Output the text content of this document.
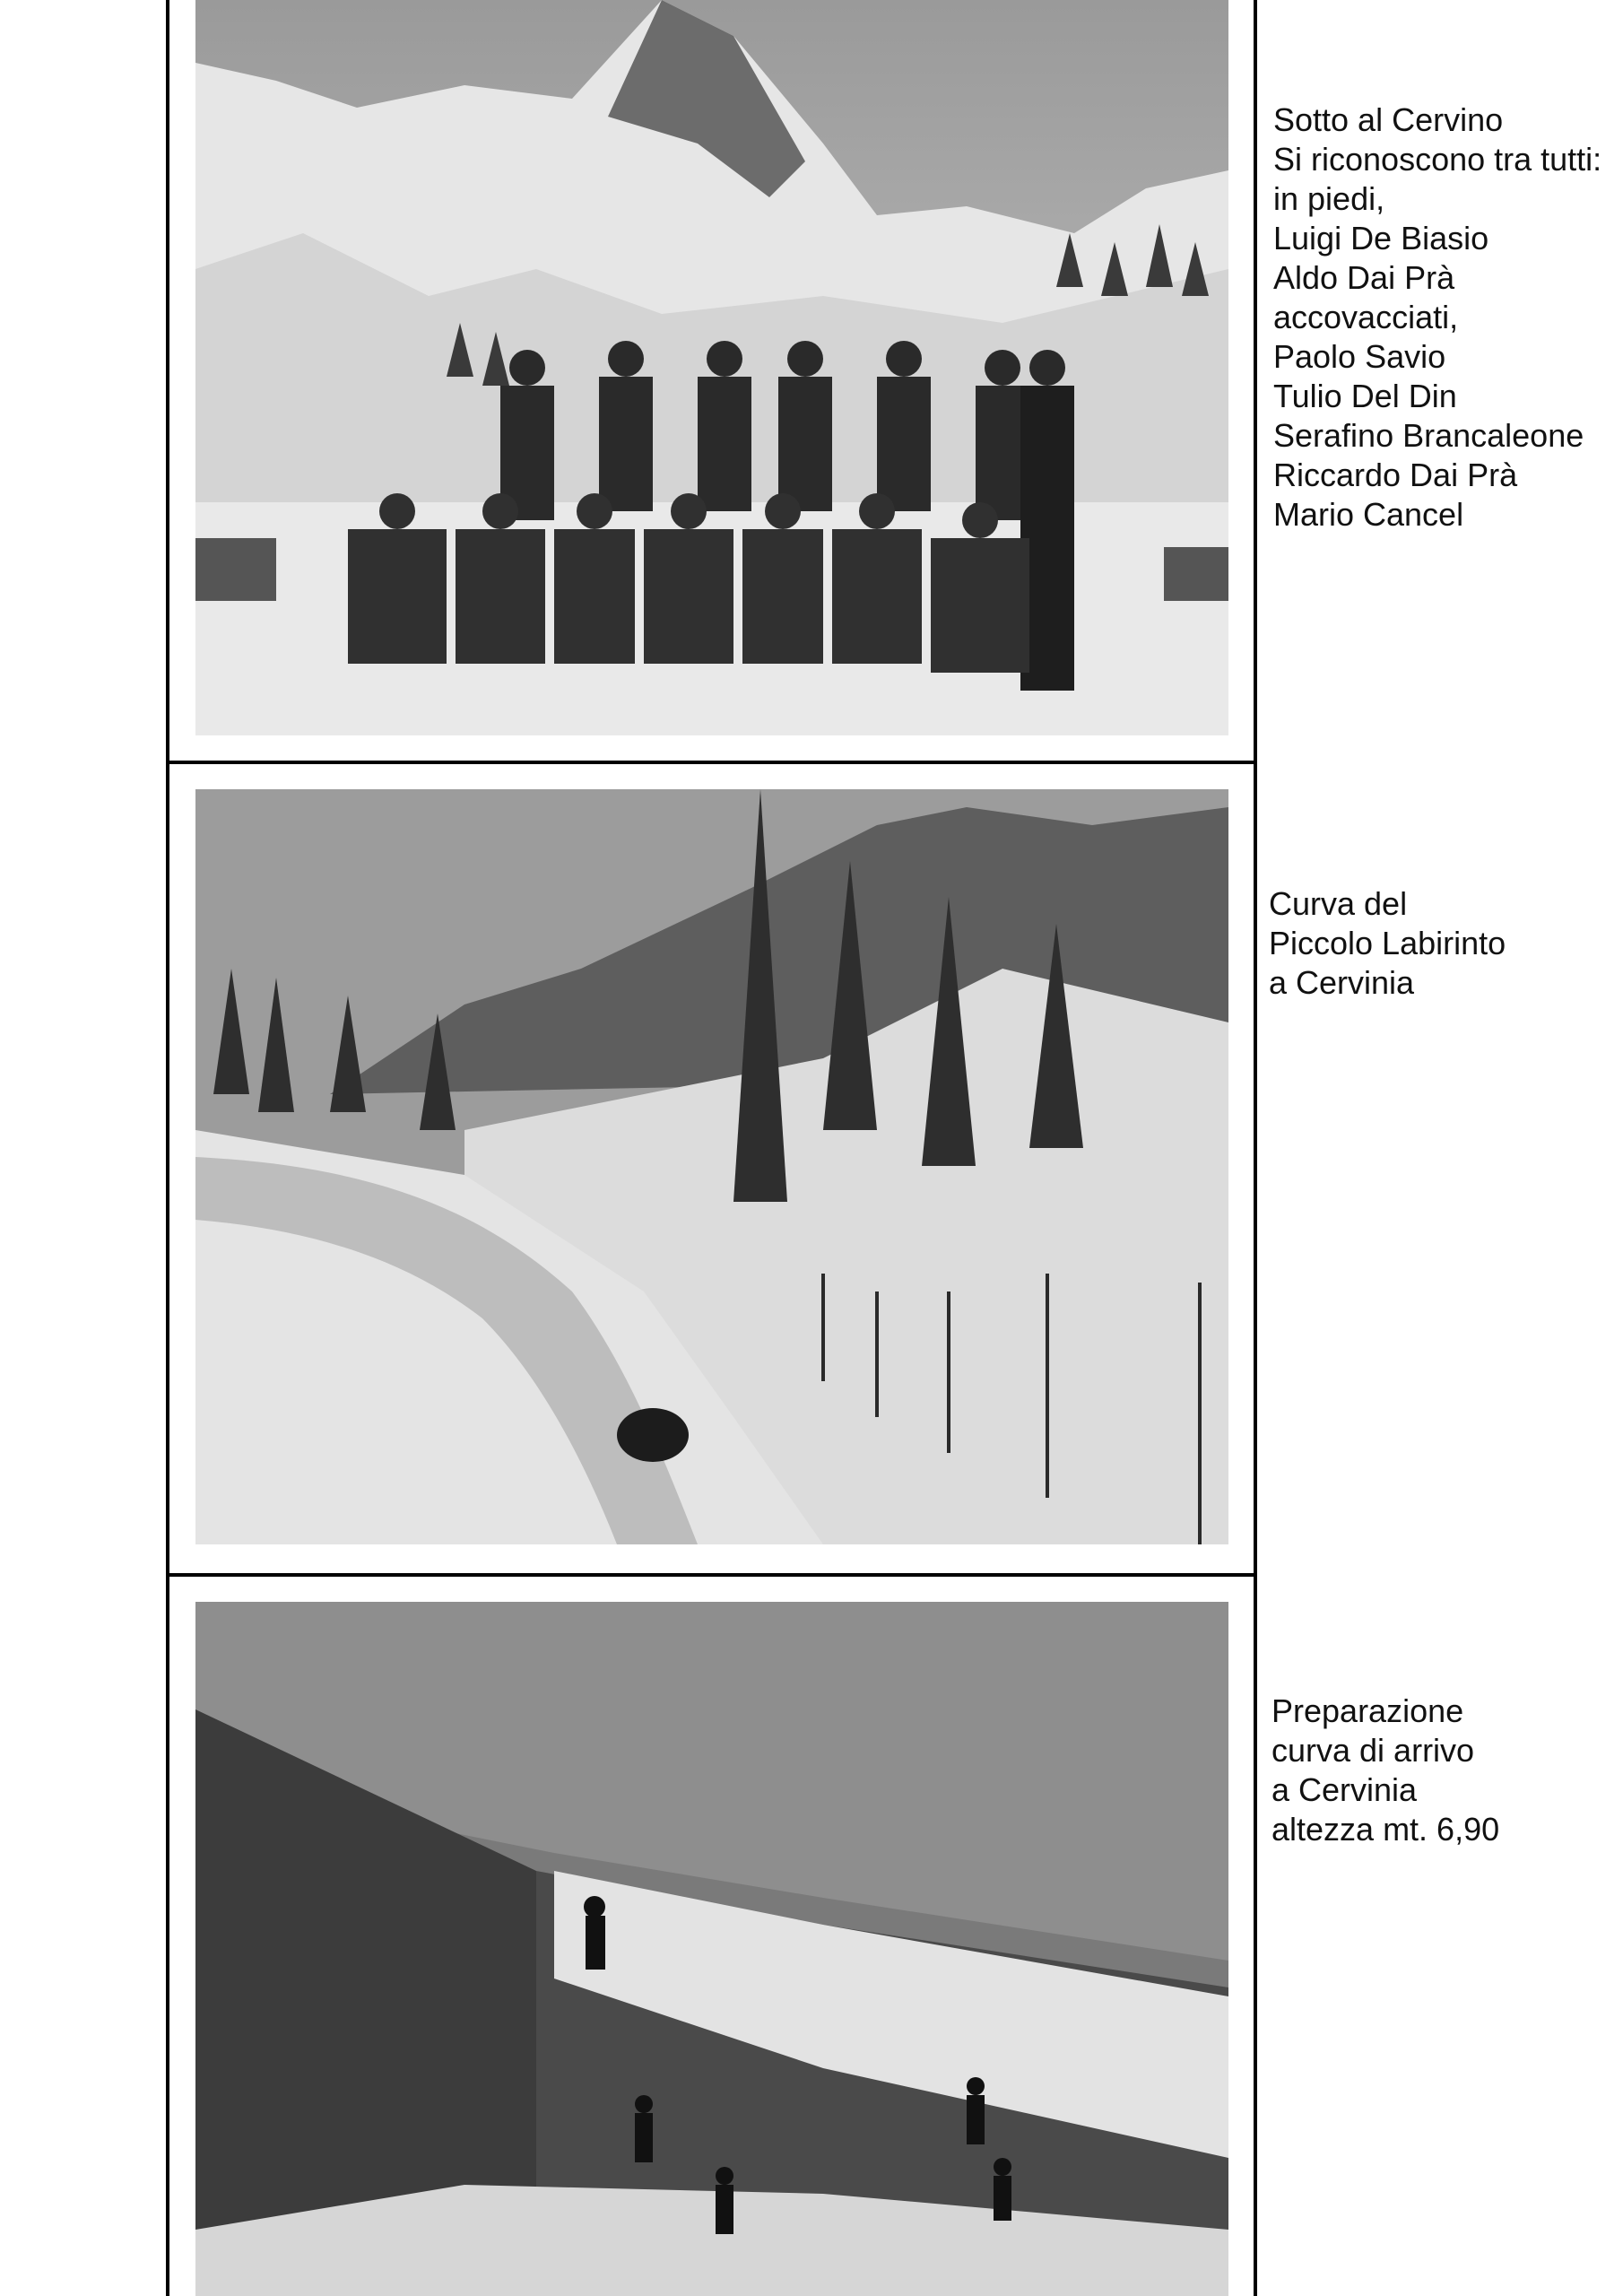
Sotto al Cervino
Si riconoscono tra tutti:
in piedi,
Luigi De Biasio
Aldo Dai Prà
accovacciati,
Paolo Savio
Tulio Del Din
Serafino Brancaleone
Riccardo Dai Prà
Mario Cancel
Curva del
Piccolo Labirinto
a Cervinia
Preparazione
curva di arrivo
a Cervinia
altezza mt. 6,90
